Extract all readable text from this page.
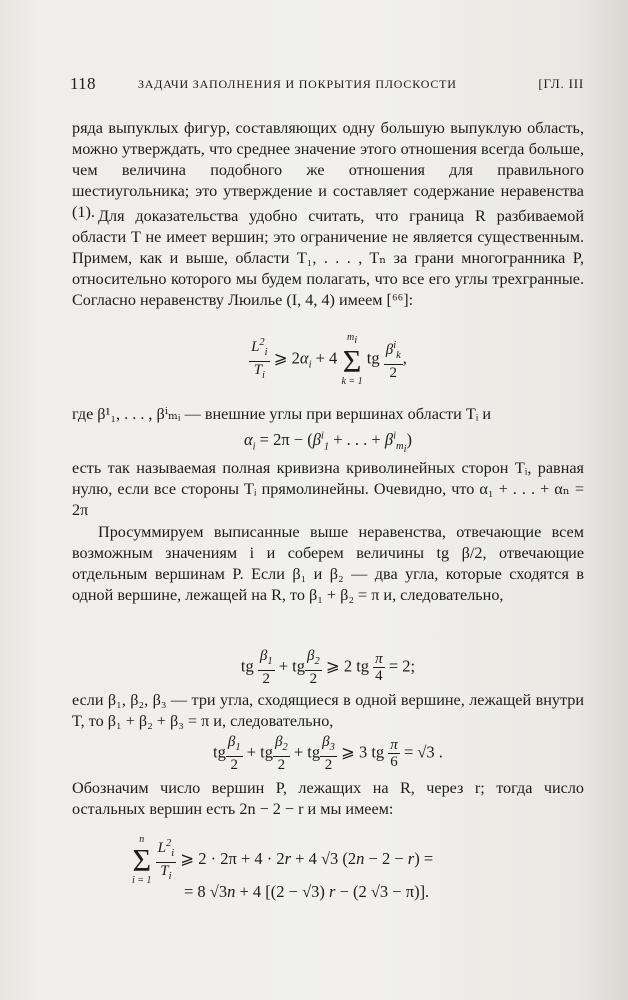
118	ЗАДАЧИ ЗАПОЛНЕНИЯ И ПОКРЫТИЯ ПЛОСКОСТИ	[ГЛ. III
ряда выпуклых фигур, составляющих одну большую выпуклую область, можно утверждать, что среднее значение этого отношения всегда больше, чем величина подобного же отношения для правильного шестиугольника; это утверждение и составляет содержание неравенства (1). Для доказательства удобно считать, что граница R разбиваемой области T не имеет вершин; это ограничение не является существенным. Примем, как и выше, области T₁, . . . , Tₙ за грани многогранника P, относительно которого мы будем полагать, что все его углы трехгранные. Согласно неравенству Люилье (I, 4, 4) имеем [⁶⁶]:
$\frac{L^2_i}{T_i}$ ⩾ $2\alpha_i + 4$
$m_i$
Σ
k = 1
tg $\frac{\beta^i_k}{2}$ ,
где β¹₁, . . . , βⁱₘᵢ — внешние углы при вершинах области Tᵢ и
$\alpha_i = 2\pi - (\beta^i_1$ + . . . + $\beta^i_{m_i}$)
есть так называемая полная кривизна криволинейных сторон Tᵢ, равная нулю, если все стороны Tᵢ прямолинейны. Очевидно, что α₁ + . . . + αₙ = 2π
Просуммируем выписанные выше неравенства, отвечающие всем возможным значениям i и соберем величины tg β/2, отвечающие отдельным вершинам P. Если β₁ и β₂ — два угла, которые сходятся в одной вершине, лежащей на R, то β₁ + β₂ = π и, следовательно,
tg $\frac{\beta_1}{2}$ + tg $\frac{\beta_2}{2}$ ⩾ 2 tg $\frac{\pi}{4} = 2$;
если β₁, β₂, β₃ — три угла, сходящиеся в одной вершине, лежащей внутри T, то β₁ + β₂ + β₃ = π и, следовательно,
tg $\frac{\beta_1}{2}$ + tg $\frac{\beta_2}{2}$ + tg $\frac{\beta_3}{2}$ ⩾ 3 tg $\frac{\pi}{6} = √3$ .
Обозначим число вершин P, лежащих на R, через r; тогда число остальных вершин есть 2n − 2 − r и мы имеем:
n
Σ
i = 1
$\frac{L^2_i}{T_i}$ ⩾ 2 · 2π + 4 · 2r + 4 √3 (2n − 2 − r) =
= 8 √3n + 4 [(2 − √3) r − (2 √3 − π)].
